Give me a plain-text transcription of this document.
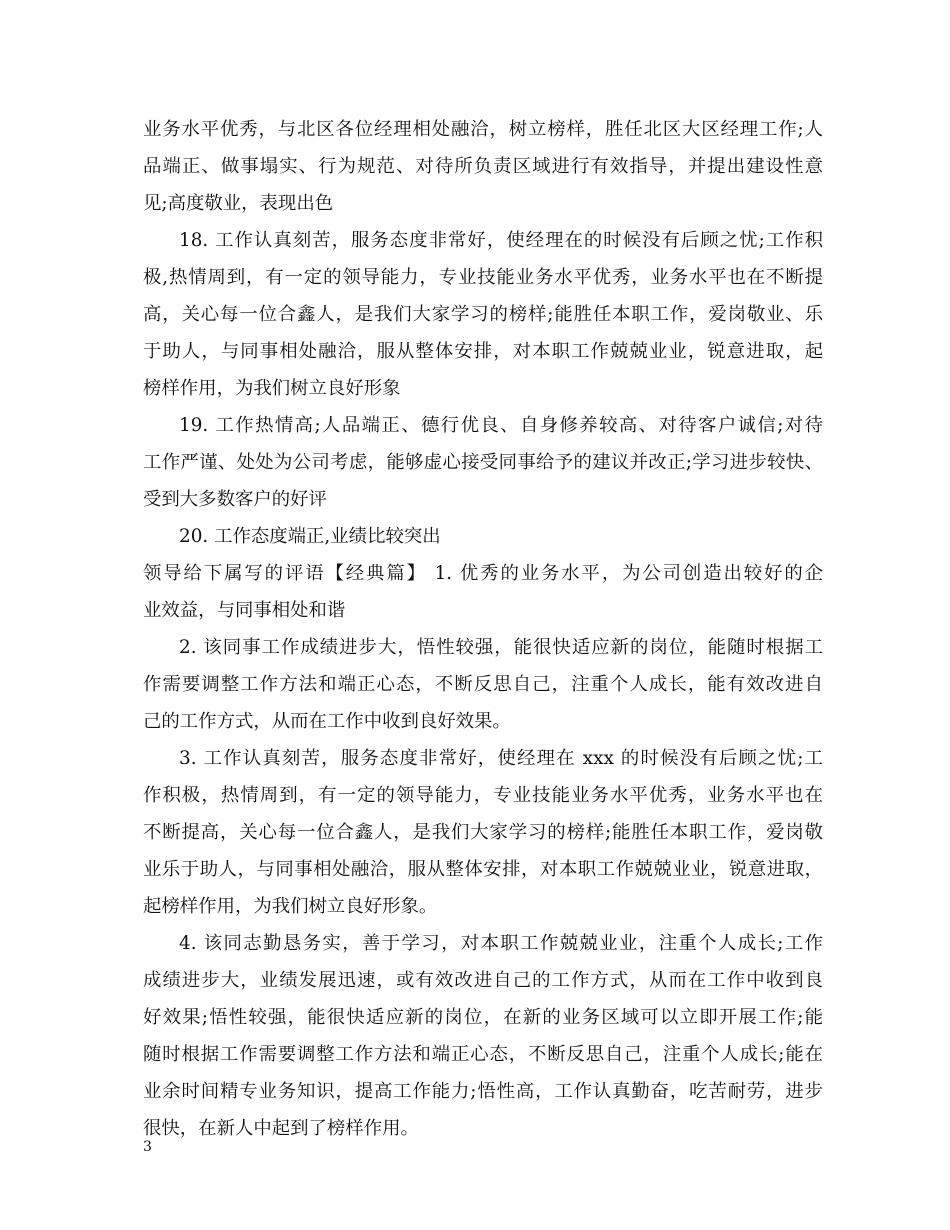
业务水平优秀，与北区各位经理相处融洽，树立榜样，胜任北区大区经理工作;人
品端正、做事塌实、行为规范、对待所负责区域进行有效指导，并提出建设性意
见;高度敬业，表现出色
18. 工作认真刻苦，服务态度非常好，使经理在的时候没有后顾之忧;工作积
极,热情周到，有一定的领导能力，专业技能业务水平优秀，业务水平也在不断提
高，关心每一位合鑫人，是我们大家学习的榜样;能胜任本职工作，爱岗敬业、乐
于助人，与同事相处融洽，服从整体安排，对本职工作兢兢业业，锐意进取，起
榜样作用，为我们树立良好形象
19. 工作热情高;人品端正、德行优良、自身修养较高、对待客户诚信;对待
工作严谨、处处为公司考虑，能够虚心接受同事给予的建议并改正;学习进步较快、
受到大多数客户的好评
20. 工作态度端正,业绩比较突出
领导给下属写的评语【经典篇】 1. 优秀的业务水平，为公司创造出较好的企
业效益，与同事相处和谐
2. 该同事工作成绩进步大，悟性较强，能很快适应新的岗位，能随时根据工
作需要调整工作方法和端正心态，不断反思自己，注重个人成长，能有效改进自
己的工作方式，从而在工作中收到良好效果。
3. 工作认真刻苦，服务态度非常好，使经理在 xxx 的时候没有后顾之忧;工
作积极，热情周到，有一定的领导能力，专业技能业务水平优秀，业务水平也在
不断提高，关心每一位合鑫人，是我们大家学习的榜样;能胜任本职工作，爱岗敬
业乐于助人，与同事相处融洽，服从整体安排，对本职工作兢兢业业，锐意进取，
起榜样作用，为我们树立良好形象。
4. 该同志勤恳务实，善于学习，对本职工作兢兢业业，注重个人成长;工作
成绩进步大，业绩发展迅速，或有效改进自己的工作方式，从而在工作中收到良
好效果;悟性较强，能很快适应新的岗位，在新的业务区域可以立即开展工作;能
随时根据工作需要调整工作方法和端正心态，不断反思自己，注重个人成长;能在
业余时间精专业务知识，提高工作能力;悟性高，工作认真勤奋，吃苦耐劳，进步
很快，在新人中起到了榜样作用。
3
